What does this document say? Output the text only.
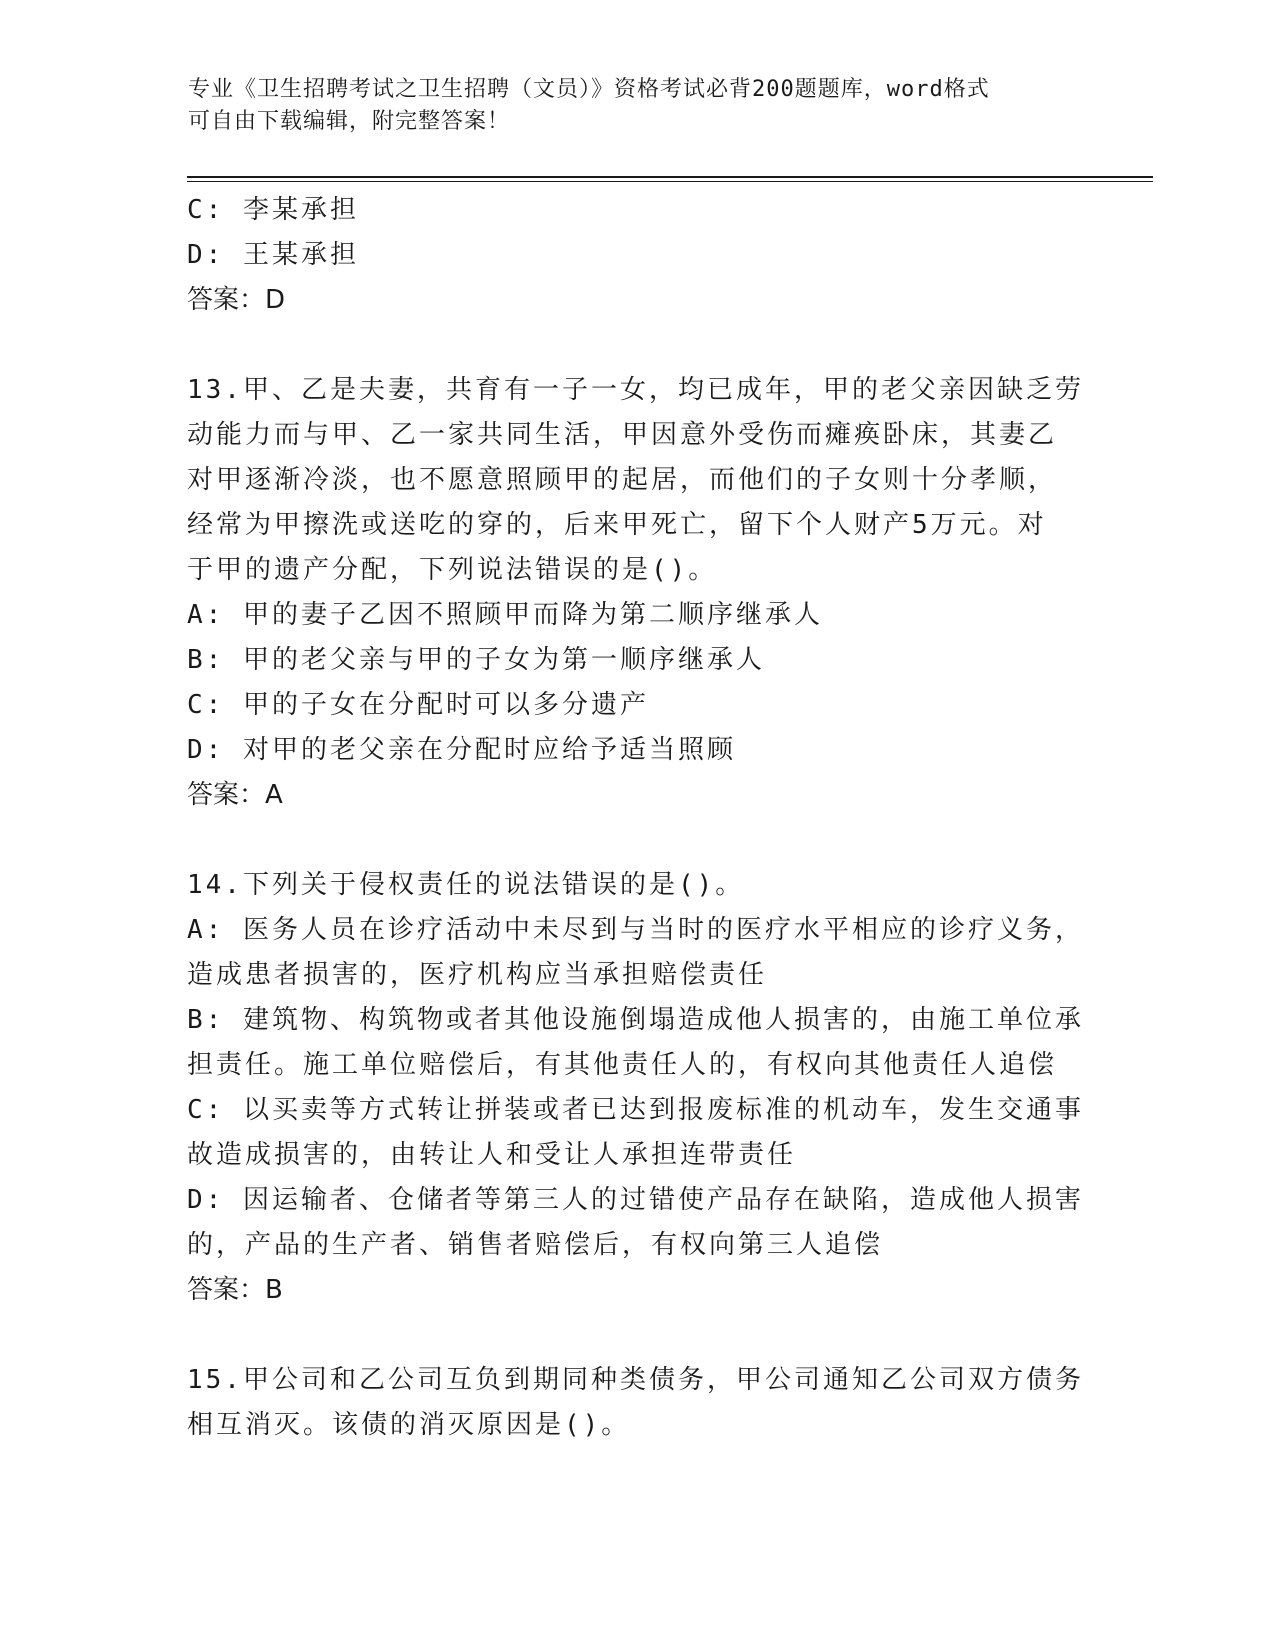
专业《卫生招聘考试之卫生招聘（文员）》资格考试必背200题题库，word格式
可自由下载编辑，附完整答案！
C: 李某承担
D: 王某承担
答案：D
13.甲、乙是夫妻，共育有一子一女，均已成年，甲的老父亲因缺乏劳
动能力而与甲、乙一家共同生活，甲因意外受伤而瘫痪卧床，其妻乙
对甲逐渐冷淡，也不愿意照顾甲的起居，而他们的子女则十分孝顺，
经常为甲擦洗或送吃的穿的，后来甲死亡，留下个人财产5万元。对
于甲的遗产分配，下列说法错误的是()。
A: 甲的妻子乙因不照顾甲而降为第二顺序继承人
B: 甲的老父亲与甲的子女为第一顺序继承人
C: 甲的子女在分配时可以多分遗产
D: 对甲的老父亲在分配时应给予适当照顾
答案：A
14.下列关于侵权责任的说法错误的是()。
A: 医务人员在诊疗活动中未尽到与当时的医疗水平相应的诊疗义务，
造成患者损害的，医疗机构应当承担赔偿责任
B: 建筑物、构筑物或者其他设施倒塌造成他人损害的，由施工单位承
担责任。施工单位赔偿后，有其他责任人的，有权向其他责任人追偿
C: 以买卖等方式转让拼装或者已达到报废标准的机动车，发生交通事
故造成损害的，由转让人和受让人承担连带责任
D: 因运输者、仓储者等第三人的过错使产品存在缺陷，造成他人损害
的，产品的生产者、销售者赔偿后，有权向第三人追偿
答案：B
15.甲公司和乙公司互负到期同种类债务，甲公司通知乙公司双方债务
相互消灭。该债的消灭原因是()。
